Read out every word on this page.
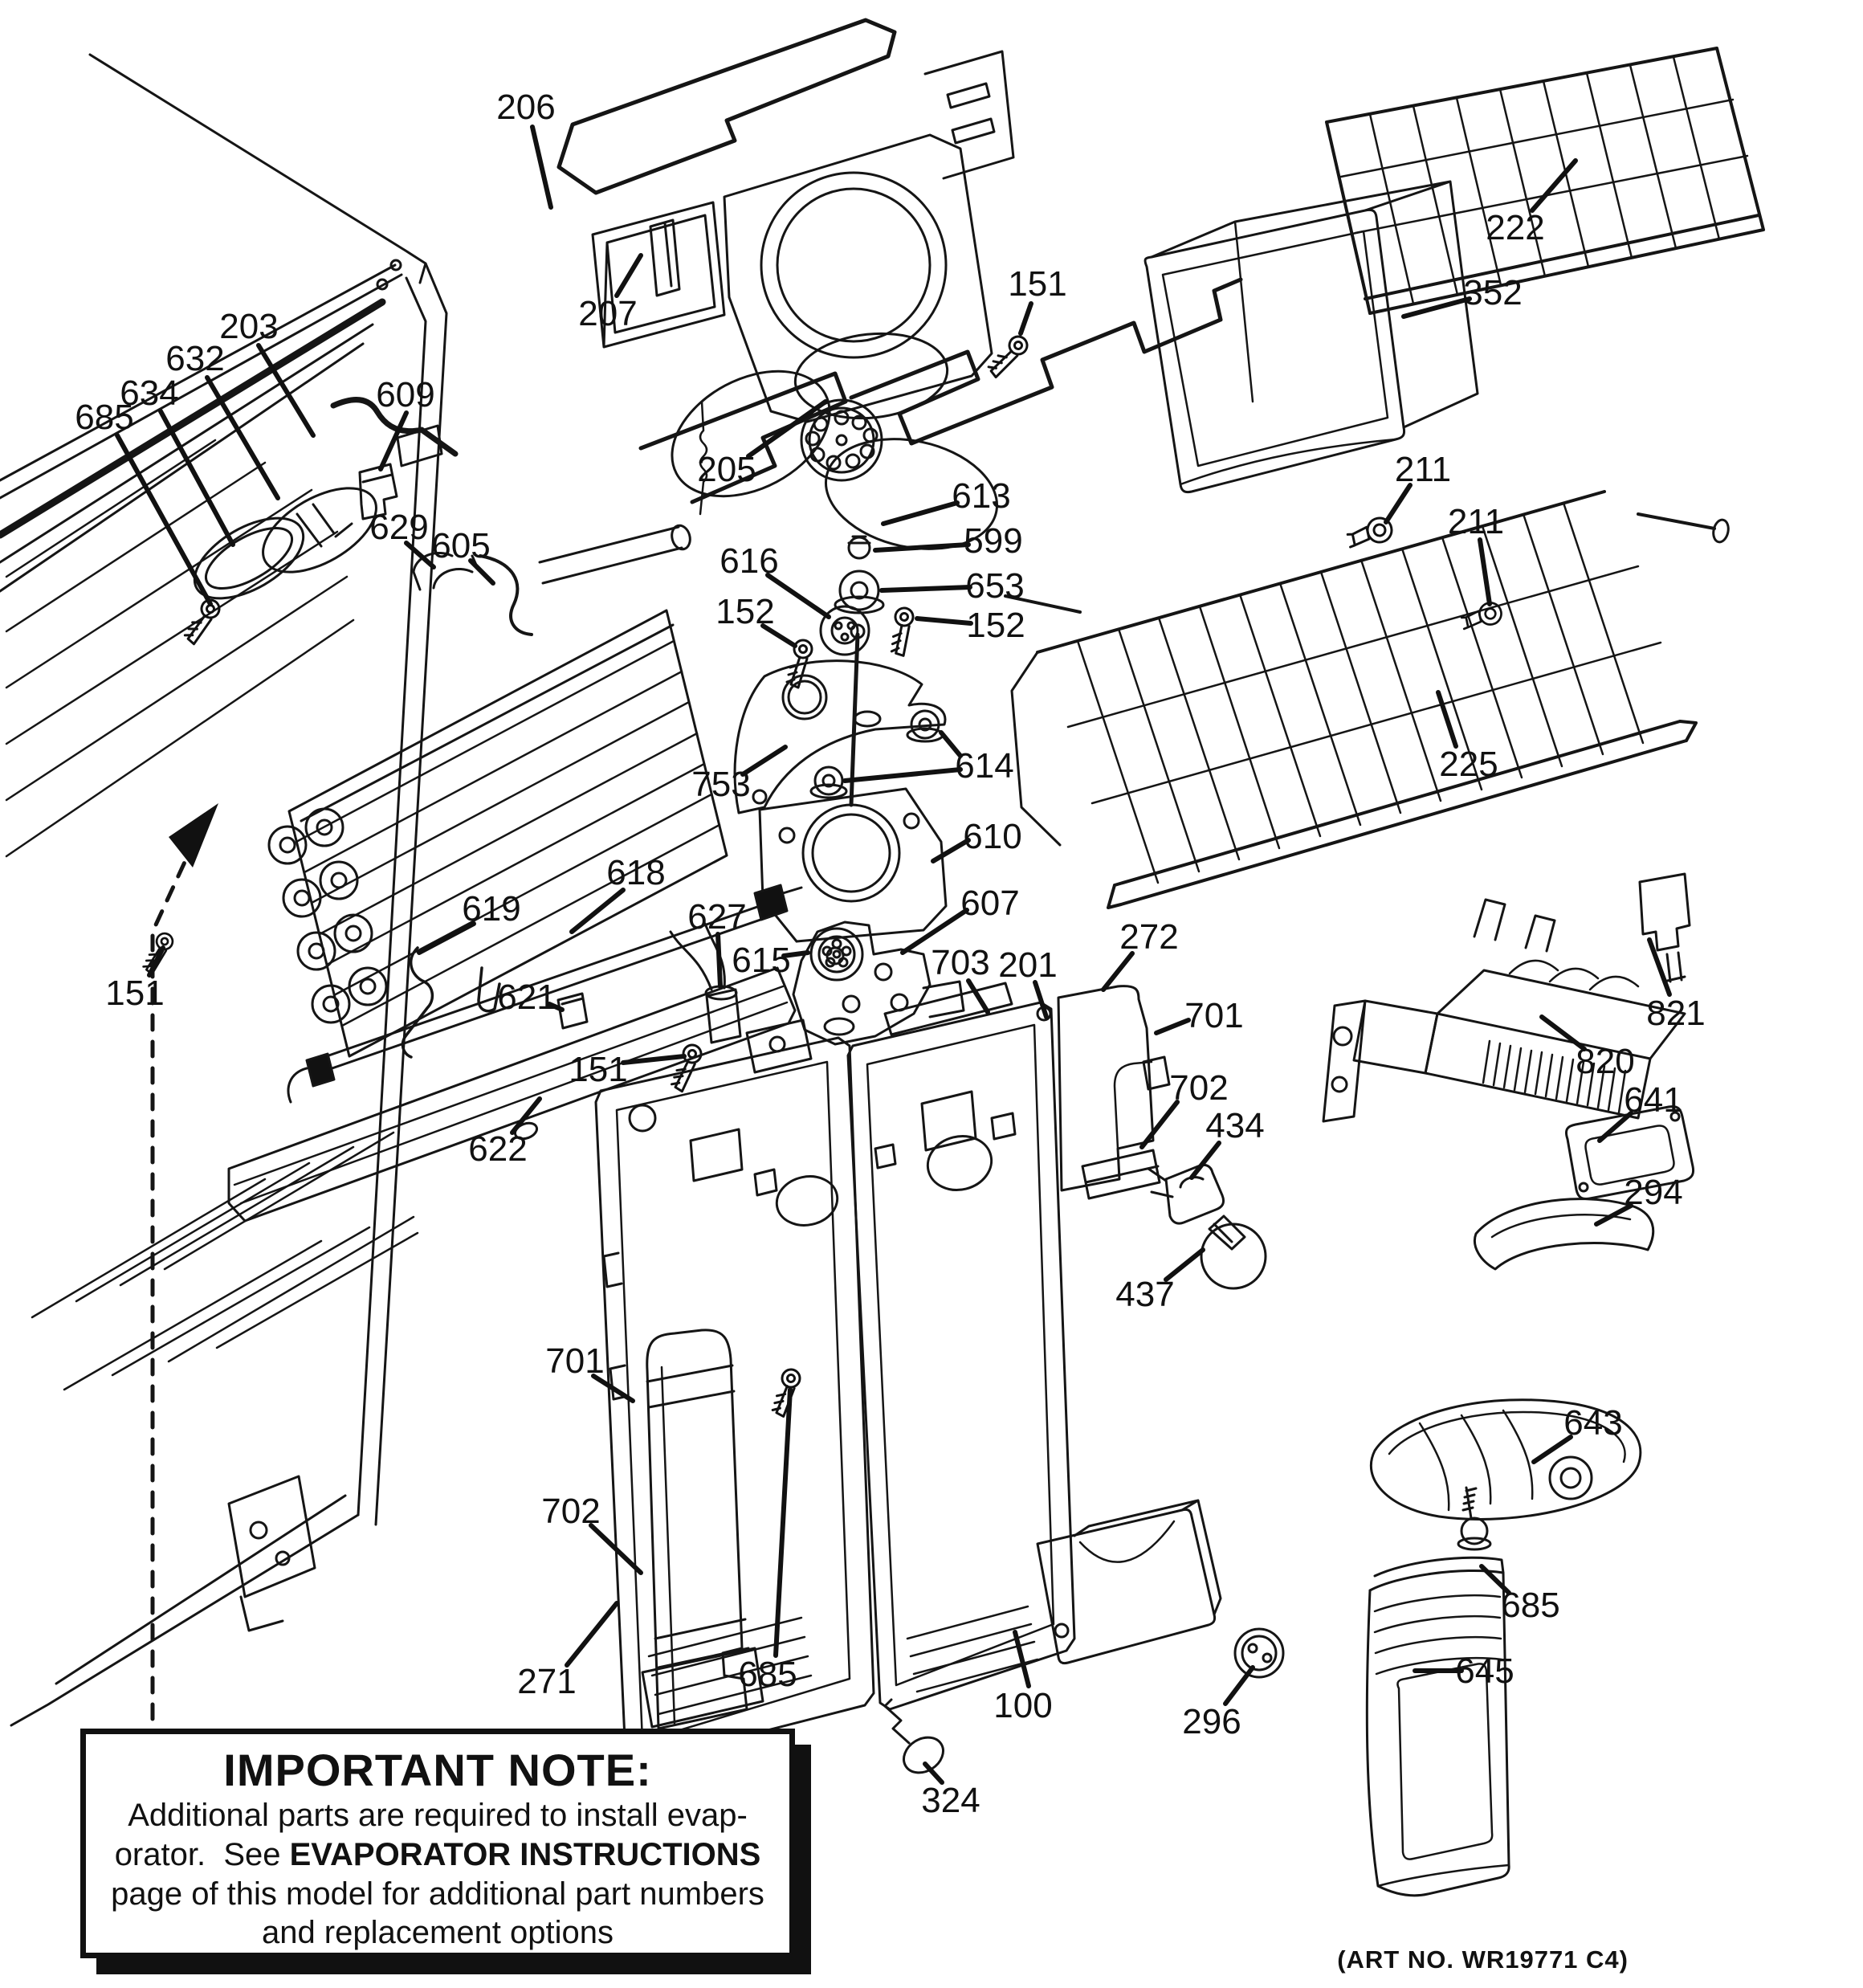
206
207
205
151
613
599
653
616
152
152
753	614
610
607
615
627
618
619
621
622
151
609
629 605
203
632
634
685
151
222
352
211
211
225
272
701
702
434
437
820
821
641
294
643
685
645
703 201
701
702
271	685
100
324
296
IMPORTANT NOTE:
Additional parts are required to install evap-
orator.  See EVAPORATOR INSTRUCTIONS
page of this model for additional part numbers
and replacement options
(ART NO. WR19771 C4)
